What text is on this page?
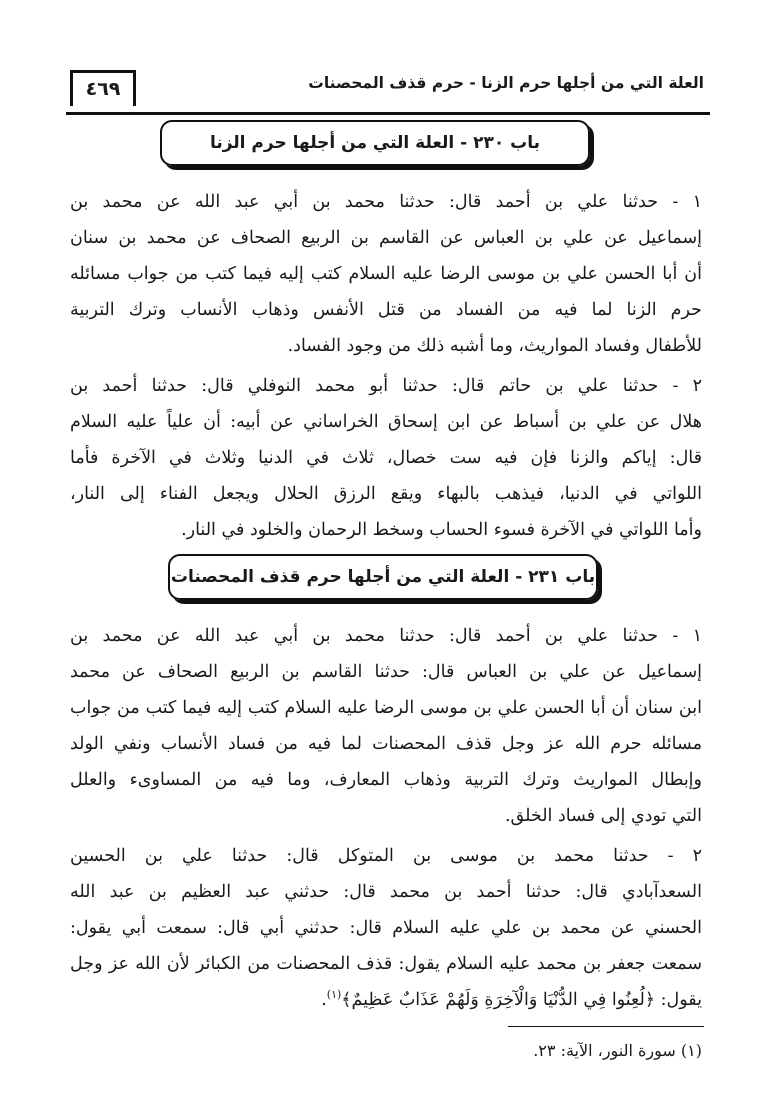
٤٦٩	العلة التي من أجلها حرم الزنا - حرم قذف المحصنات
باب ٢٣٠ - العلة التي من أجلها حرم الزنا
١ - حدثنا علي بن أحمد قال: حدثنا محمد بن أبي عبد الله عن محمد بن
إسماعيل عن علي بن العباس عن القاسم بن الربيع الصحاف عن محمد بن سنان
أن أبا الحسن علي بن موسى الرضا عليه السلام كتب إليه فيما كتب من جواب مسائله
حرم الزنا لما فيه من الفساد من قتل الأنفس وذهاب الأنساب وترك التربية
للأطفال وفساد المواريث، وما أشبه ذلك من وجود الفساد.
٢ - حدثنا علي بن حاتم قال: حدثنا أبو محمد النوفلي قال: حدثنا أحمد بن
هلال عن علي بن أسباط عن ابن إسحاق الخراساني عن أبيه: أن علياً عليه السلام
قال: إياكم والزنا فإن فيه ست خصال، ثلاث في الدنيا وثلاث في الآخرة فأما
اللواتي في الدنيا، فيذهب بالبهاء ويقع الرزق الحلال ويجعل الفناء إلى النار،
وأما اللواتي في الآخرة فسوء الحساب وسخط الرحمان والخلود في النار.
باب ٢٣١ - العلة التي من أجلها حرم قذف المحصنات
١ - حدثنا علي بن أحمد قال: حدثنا محمد بن أبي عبد الله عن محمد بن
إسماعيل عن علي بن العباس قال: حدثنا القاسم بن الربيع الصحاف عن محمد
ابن سنان أن أبا الحسن علي بن موسى الرضا عليه السلام كتب إليه فيما كتب من جواب
مسائله حرم الله عز وجل قذف المحصنات لما فيه من فساد الأنساب ونفي الولد
وإبطال المواريث وترك التربية وذهاب المعارف، وما فيه من المساوىء والعلل
التي تودي إلى فساد الخلق.
٢ - حدثنا محمد بن موسى بن المتوكل قال: حدثنا علي بن الحسين
السعدآبادي قال: حدثنا أحمد بن محمد قال: حدثني عبد العظيم بن عبد الله
الحسني عن محمد بن علي عليه السلام قال: حدثني أبي قال: سمعت أبي يقول:
سمعت جعفر بن محمد عليه السلام يقول: قذف المحصنات من الكبائر لأن الله عز وجل
يقول: ﴿لُعِنُوا فِي الدُّنْيَا وَالْآخِرَةِ وَلَهُمْ عَذَابٌ عَظِيمٌ﴾$^{(١)}$.
(١) سورة النور، الآية: ٢٣.
